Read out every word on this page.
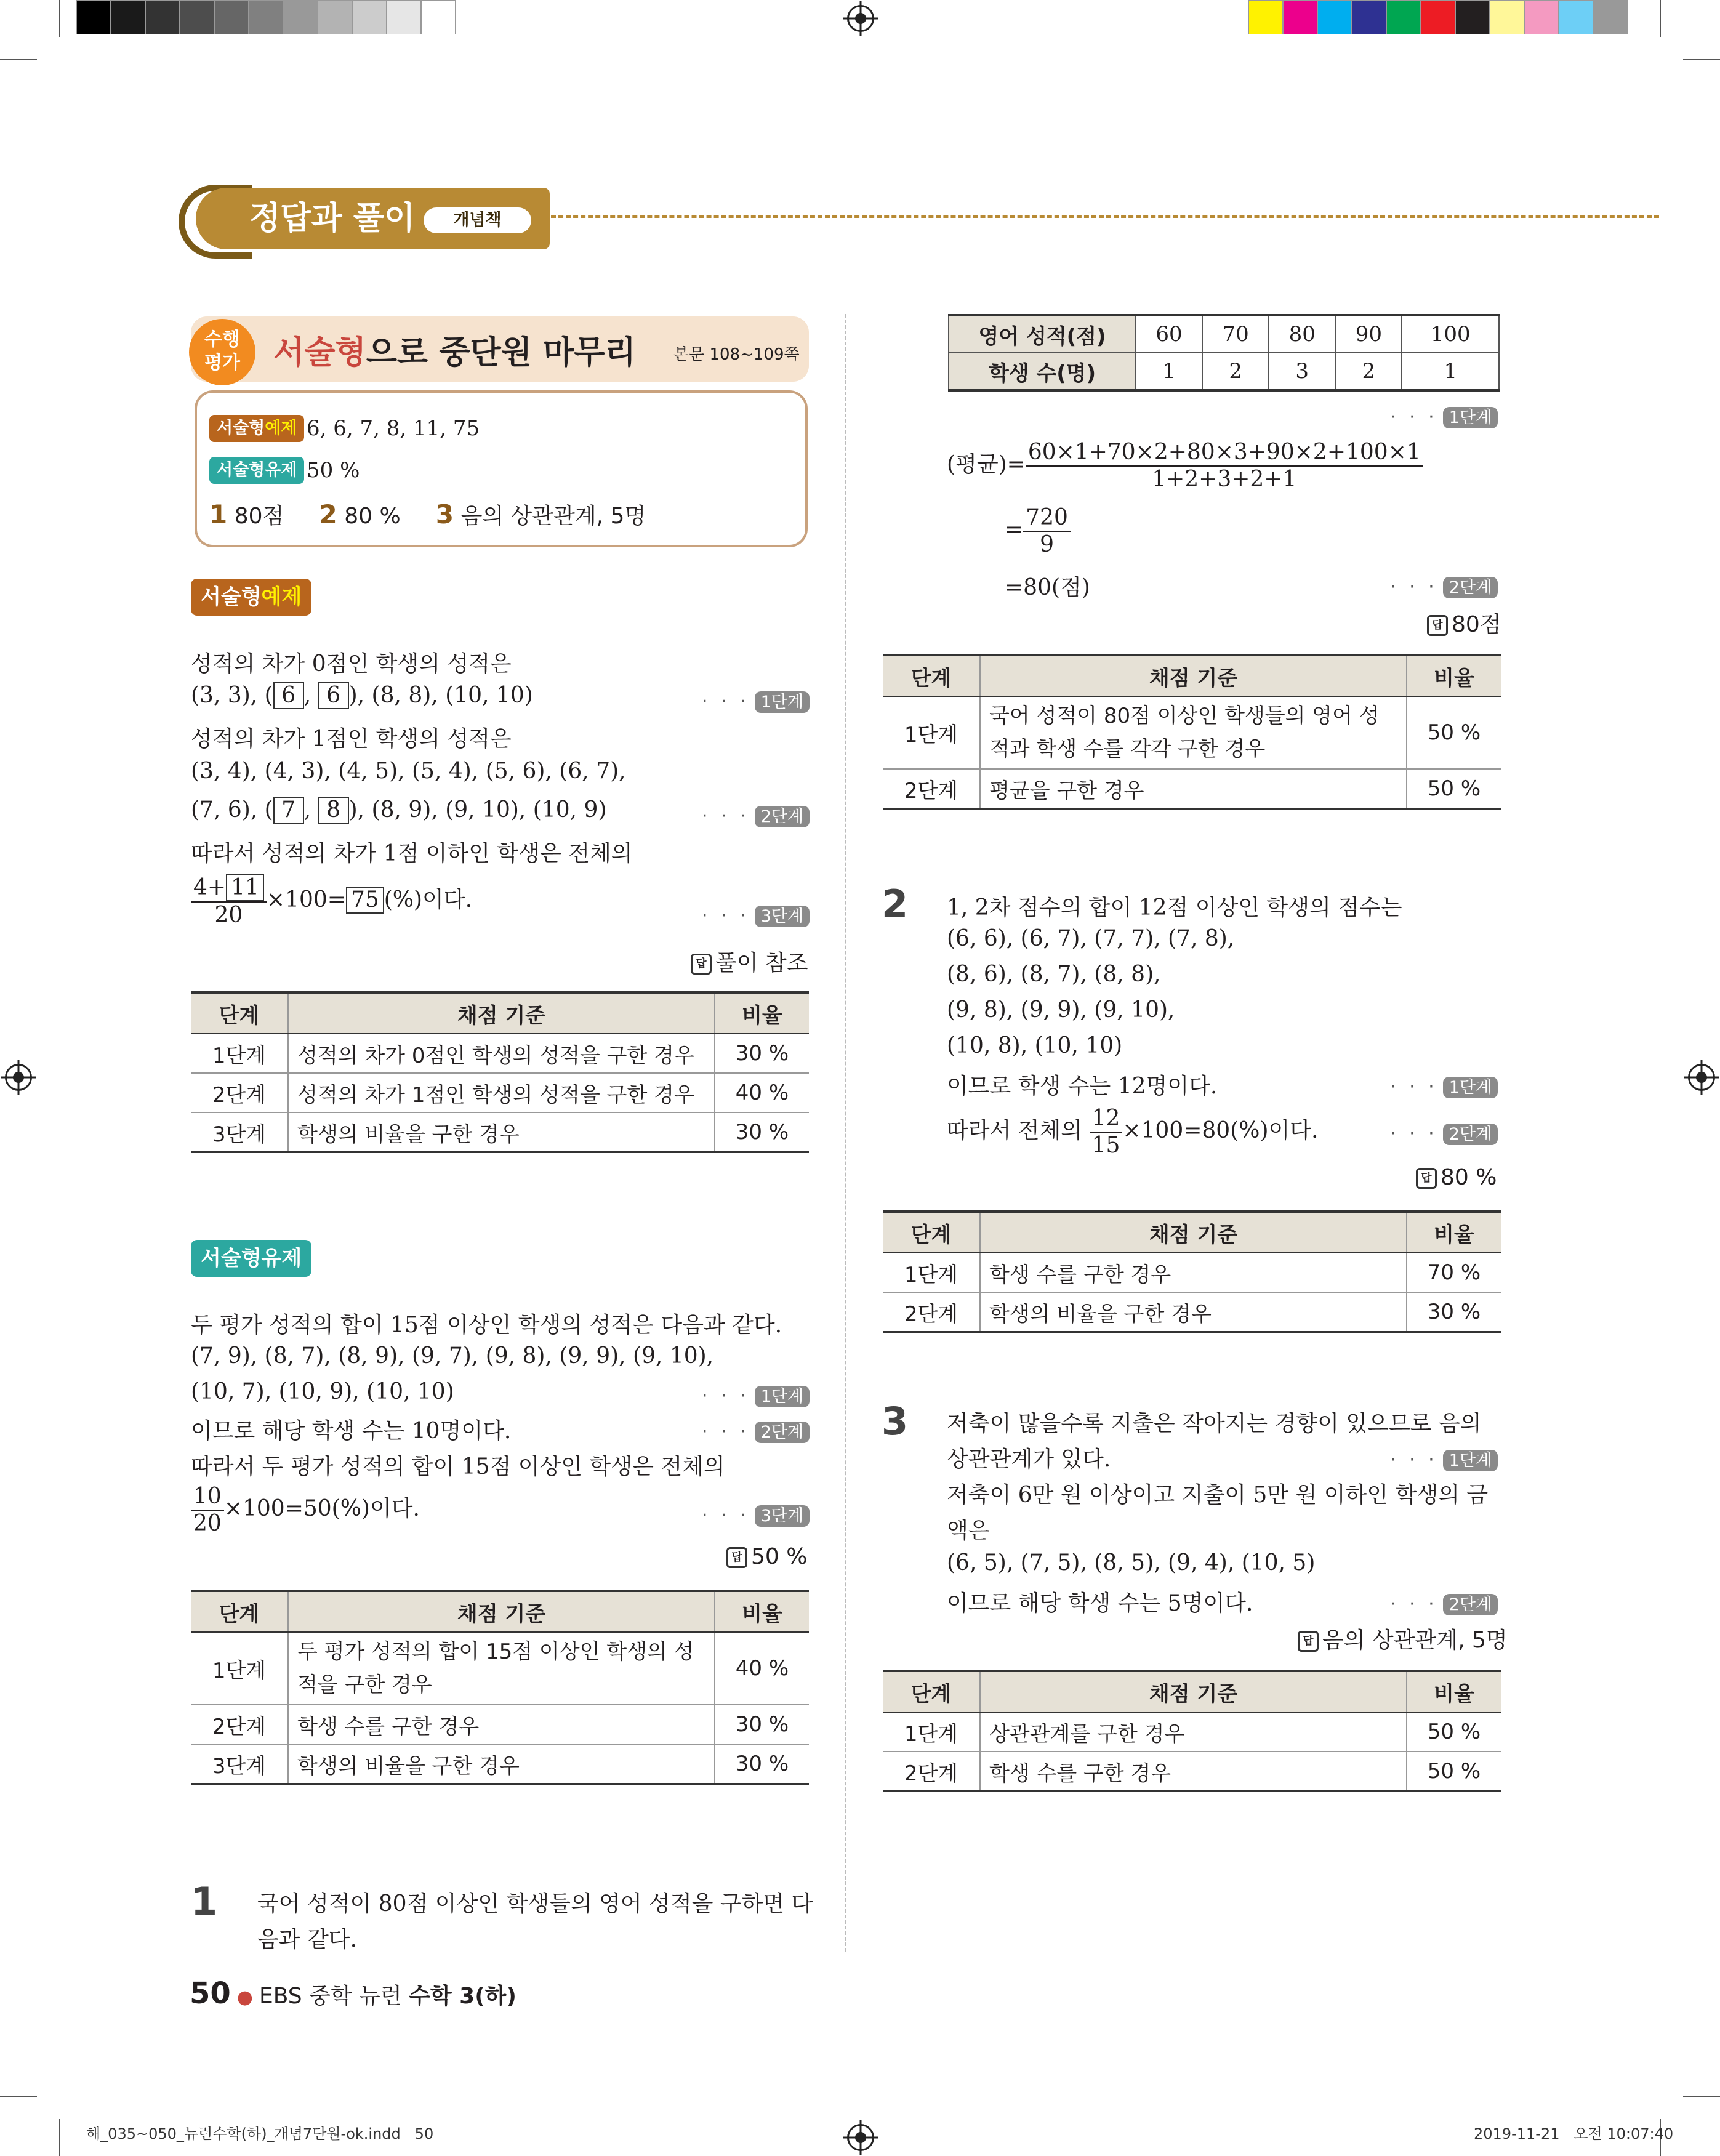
정답과 풀이	개념책
수행
평가	서술형으로 중단원 마무리 본문 108~109쪽
서술형예제 6, 6, 7, 8, 11, 75
서술형유제 50 %
1 80점 2 80 % 3 음의 상관관계, 5명
서술형예제
성적의 차가 0점인 학생의 성적은
(3, 3), ( 6 , 6 ), (8, 8), (10, 10)	· · · 1단계
성적의 차가 1점인 학생의 성적은
(3, 4), (4, 3), (4, 5), (5, 4), (5, 6), (6, 7),
(7, 6), ( 7 , 8 ), (8, 9), (9, 10), (10, 9)	· · · 2단계
따라서 성적의 차가 1점 이하인 학생은 전체의
$\frac{4+ 11}{20} \times 100= 75$ (%)이다.
· · · 3단계
답 풀이 참조
단계	채점 기준	비율
1단계	성적의 차가 0점인 학생의 성적을 구한 경우	30 %
2단계	성적의 차가 1점인 학생의 성적을 구한 경우	40 %
3단계	학생의 비율을 구한 경우	30 %
서술형유제
두 평가 성적의 합이 15점 이상인 학생의 성적은 다음과 같다.
(7, 9), (8, 7), (8, 9), (9, 7), (9, 8), (9, 9), (9, 10),
(10, 7), (10, 9), (10, 10)	· · · 1단계
이므로 해당 학생 수는 10명이다.	· · · 2단계
따라서 두 평가 성적의 합이 15점 이상인 학생은 전체의
$\frac{10}{20} \times 100=50(\%)$이다.	· · · 3단계
답 50 %
단계	채점 기준	비율
1단계	두 평가 성적의 합이 15점 이상인 학생의 성적을 구한 경우	40 %
2단계	학생 수를 구한 경우	30 %
3단계	학생의 비율을 구한 경우	30 %
1 국어 성적이 80점 이상인 학생들의 영어 성적을 구하면 다
음과 같다.
영어 성적(점)	60	70	80	90	100
학생 수(명)	1	2	3	2	1
· · · 1단계
(평균)= $\frac{60\times 1+70\times 2+80\times 3+90\times 2+100\times 1}{1+2+3+2+1}$
= $\frac{720}{9}$
=80(점)	· · · 2단계
답 80점
단계	채점 기준	비율
1단계	국어 성적이 80점 이상인 학생들의 영어 성적과 학생 수를 각각 구한 경우	50 %
2단계	평균을 구한 경우	50 %
2 1, 2차 점수의 합이 12점 이상인 학생의 점수는
(6, 6), (6, 7), (7, 7), (7, 8),
(8, 6), (8, 7), (8, 8),
(9, 8), (9, 9), (9, 10),
(10, 8), (10, 10)
이므로 학생 수는 12명이다.	· · · 1단계
따라서 전체의 $\frac{12}{15} \times 100=80(\%)$이다.	· · · 2단계
답 80 %
단계	채점 기준	비율
1단계	학생 수를 구한 경우	70 %
2단계	학생의 비율을 구한 경우	30 %
3 저축이 많을수록 지출은 작아지는 경향이 있으므로 음의
상관관계가 있다.	· · · 1단계
저축이 6만 원 이상이고 지출이 5만 원 이하인 학생의 금
액은
(6, 5), (7, 5), (8, 5), (9, 4), (10, 5)
이므로 해당 학생 수는 5명이다.	· · · 2단계
답 음의 상관관계, 5명
단계	채점 기준	비율
1단계	상관관계를 구한 경우	50 %
2단계	학생 수를 구한 경우	50 %
50 ● EBS 중학 뉴런 수학 3(하)
해_035~050_뉴런수학(하)_개념7단원-ok.indd 50	2019-11-21 오전 10:07:40
